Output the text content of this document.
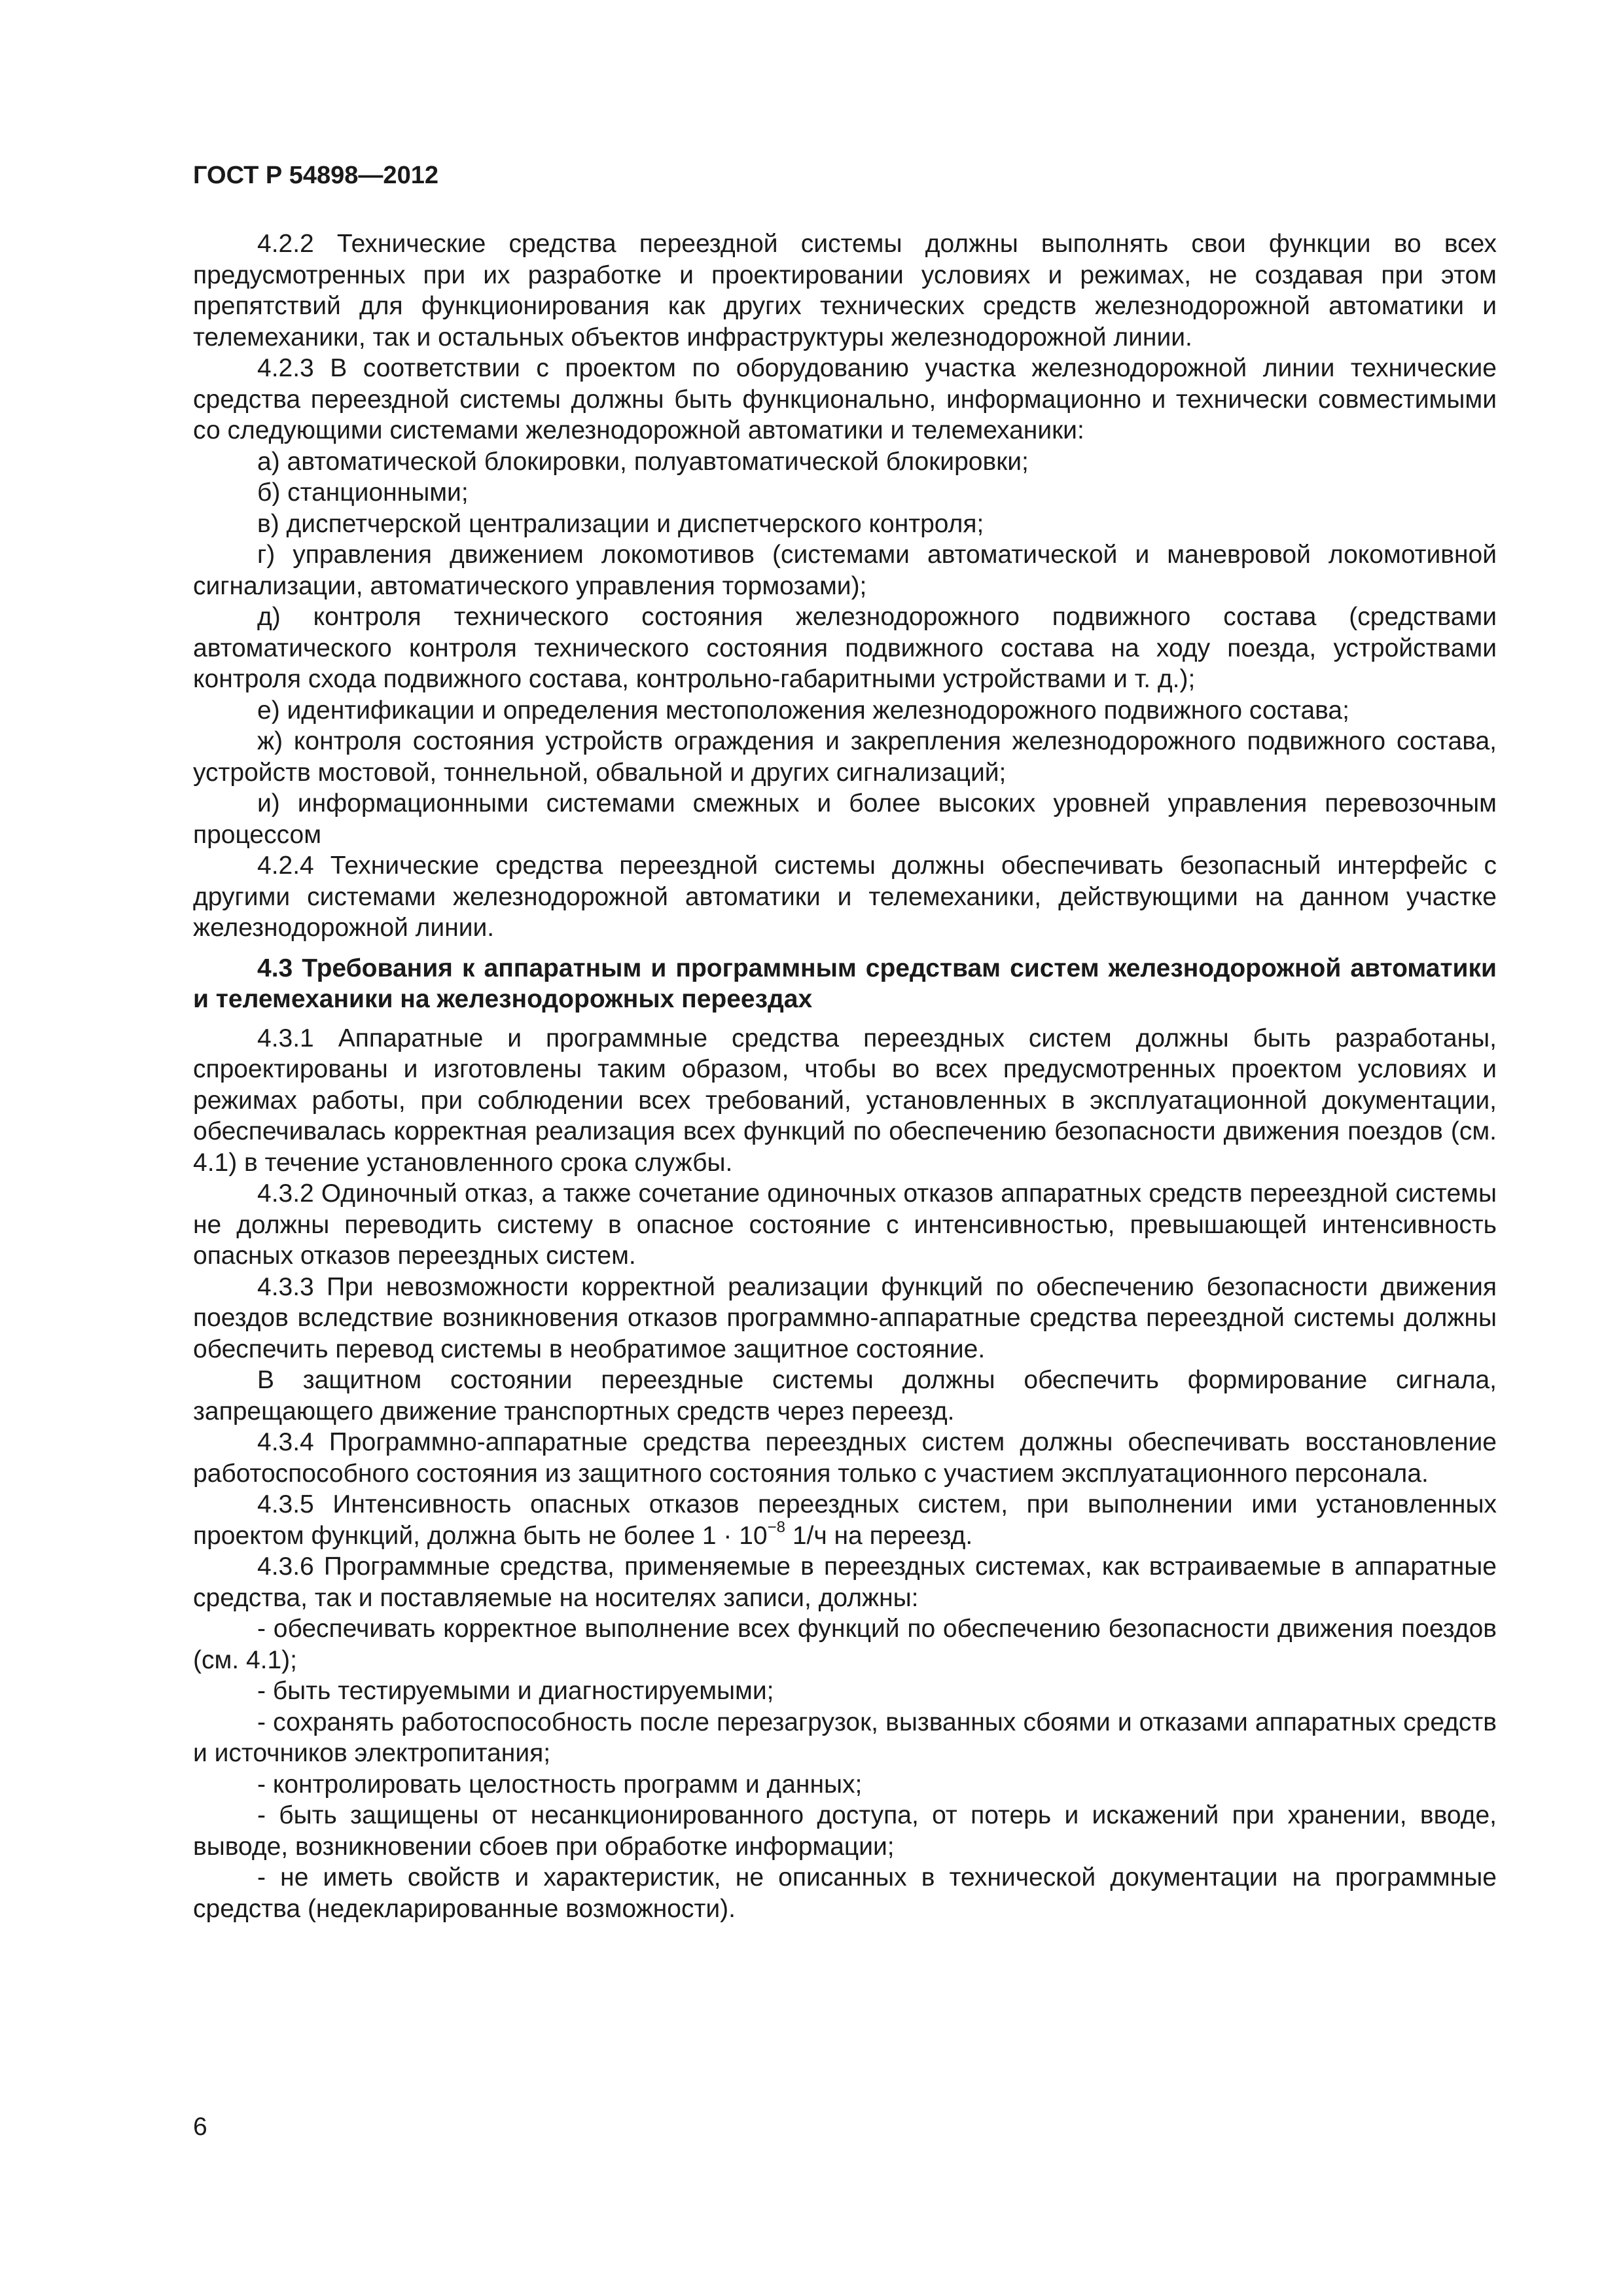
ГОСТ Р 54898—2012

4.2.2 Технические средства переездной системы должны выполнять свои функции во всех предусмотренных при их разработке и проектировании условиях и режимах, не создавая при этом препятствий для функционирования как других технических средств железнодорожной автоматики и телемеханики, так и остальных объектов инфраструктуры железнодорожной линии.

4.2.3 В соответствии с проектом по оборудованию участка железнодорожной линии технические средства переездной системы должны быть функционально, информационно и технически совместимыми со следующими системами железнодорожной автоматики и телемеханики:

а) автоматической блокировки, полуавтоматической блокировки;

б) станционными;

в) диспетчерской централизации и диспетчерского контроля;

г) управления движением локомотивов (системами автоматической и маневровой локомотивной сигнализации, автоматического управления тормозами);

д) контроля технического состояния железнодорожного подвижного состава (средствами автоматического контроля технического состояния подвижного состава на ходу поезда, устройствами контроля схода подвижного состава, контрольно-габаритными устройствами и т. д.);

е) идентификации и определения местоположения железнодорожного подвижного состава;

ж) контроля состояния устройств ограждения и закрепления железнодорожного подвижного состава, устройств мостовой, тоннельной, обвальной и других сигнализаций;

и) информационными системами смежных и более высоких уровней управления перевозочным процессом

4.2.4 Технические средства переездной системы должны обеспечивать безопасный интерфейс с другими системами железнодорожной автоматики и телемеханики, действующими на данном участке железнодорожной линии.

4.3 Требования к аппаратным и программным средствам систем железнодорожной автоматики и телемеханики на железнодорожных переездах

4.3.1 Аппаратные и программные средства переездных систем должны быть разработаны, спроектированы и изготовлены таким образом, чтобы во всех предусмотренных проектом условиях и режимах работы, при соблюдении всех требований, установленных в эксплуатационной документации, обеспечивалась корректная реализация всех функций по обеспечению безопасности движения поездов (см. 4.1) в течение установленного срока службы.

4.3.2 Одиночный отказ, а также сочетание одиночных отказов аппаратных средств переездной системы не должны переводить систему в опасное состояние с интенсивностью, превышающей интенсивность опасных отказов переездных систем.

4.3.3 При невозможности корректной реализации функций по обеспечению безопасности движения поездов вследствие возникновения отказов программно-аппаратные средства переездной системы должны обеспечить перевод системы в необратимое защитное состояние.

В защитном состоянии переездные системы должны обеспечить формирование сигнала, запрещающего движение транспортных средств через переезд.

4.3.4 Программно-аппаратные средства переездных систем должны обеспечивать восстановление работоспособного состояния из защитного состояния только с участием эксплуатационного персонала.

4.3.5 Интенсивность опасных отказов переездных систем, при выполнении ими установленных проектом функций, должна быть не более $1 \cdot 10^{-8}$ 1/ч на переезд.

4.3.6 Программные средства, применяемые в переездных системах, как встраиваемые в аппаратные средства, так и поставляемые на носителях записи, должны:

- обеспечивать корректное выполнение всех функций по обеспечению безопасности движения поездов (см. 4.1);

- быть тестируемыми и диагностируемыми;

- сохранять работоспособность после перезагрузок, вызванных сбоями и отказами аппаратных средств и источников электропитания;

- контролировать целостность программ и данных;

- быть защищены от несанкционированного доступа, от потерь и искажений при хранении, вводе, выводе, возникновении сбоев при обработке информации;

- не иметь свойств и характеристик, не описанных в технической документации на программные средства (недекларированные возможности).

6
